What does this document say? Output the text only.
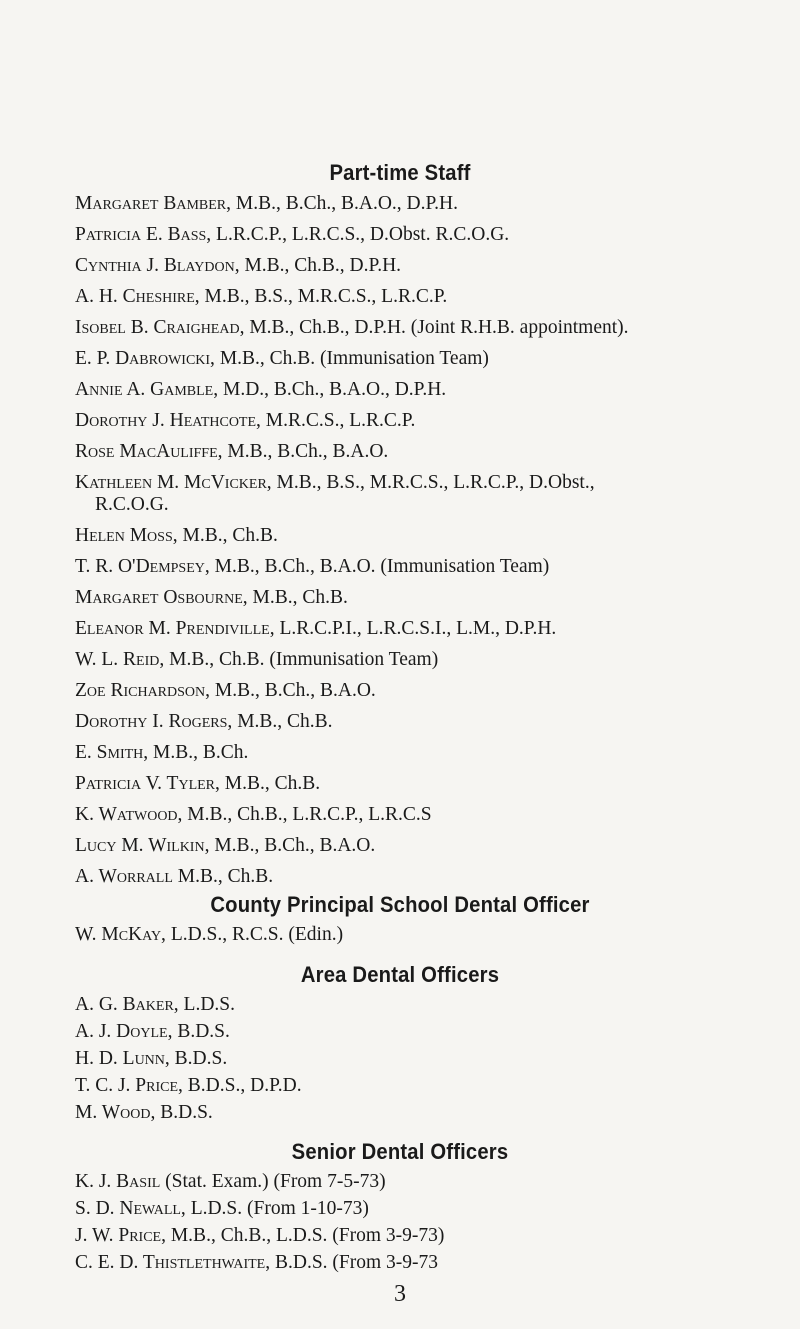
Part-time Staff
Margaret Bamber, M.B., B.Ch., B.A.O., D.P.H.
Patricia E. Bass, L.R.C.P., L.R.C.S., D.Obst. R.C.O.G.
Cynthia J. Blaydon, M.B., Ch.B., D.P.H.
A. H. Cheshire, M.B., B.S., M.R.C.S., L.R.C.P.
Isobel B. Craighead, M.B., Ch.B., D.P.H. (Joint R.H.B. appointment).
E. P. Dabrowicki, M.B., Ch.B. (Immunisation Team)
Annie A. Gamble, M.D., B.Ch., B.A.O., D.P.H.
Dorothy J. Heathcote, M.R.C.S., L.R.C.P.
Rose MacAuliffe, M.B., B.Ch., B.A.O.
Kathleen M. McVicker, M.B., B.S., M.R.C.S., L.R.C.P., D.Obst.,
R.C.O.G.
Helen Moss, M.B., Ch.B.
T. R. O'Dempsey, M.B., B.Ch., B.A.O. (Immunisation Team)
Margaret Osbourne, M.B., Ch.B.
Eleanor M. Prendiville, L.R.C.P.I., L.R.C.S.I., L.M., D.P.H.
W. L. Reid, M.B., Ch.B. (Immunisation Team)
Zoe Richardson, M.B., B.Ch., B.A.O.
Dorothy I. Rogers, M.B., Ch.B.
E. Smith, M.B., B.Ch.
Patricia V. Tyler, M.B., Ch.B.
K. Watwood, M.B., Ch.B., L.R.C.P., L.R.C.S
Lucy M. Wilkin, M.B., B.Ch., B.A.O.
A. Worrall M.B., Ch.B.
County Principal School Dental Officer
W. McKay, L.D.S., R.C.S. (Edin.)
Area Dental Officers
A. G. Baker, L.D.S.
A. J. Doyle, B.D.S.
H. D. Lunn, B.D.S.
T. C. J. Price, B.D.S., D.P.D.
M. Wood, B.D.S.
3
Senior Dental Officers
K. J. Basil (Stat. Exam.) (From 7-5-73)
S. D. Newall, L.D.S. (From 1-10-73)
J. W. Price, M.B., Ch.B., L.D.S. (From 3-9-73)
C. E. D. Thistlethwaite, B.D.S. (From 3-9-73
